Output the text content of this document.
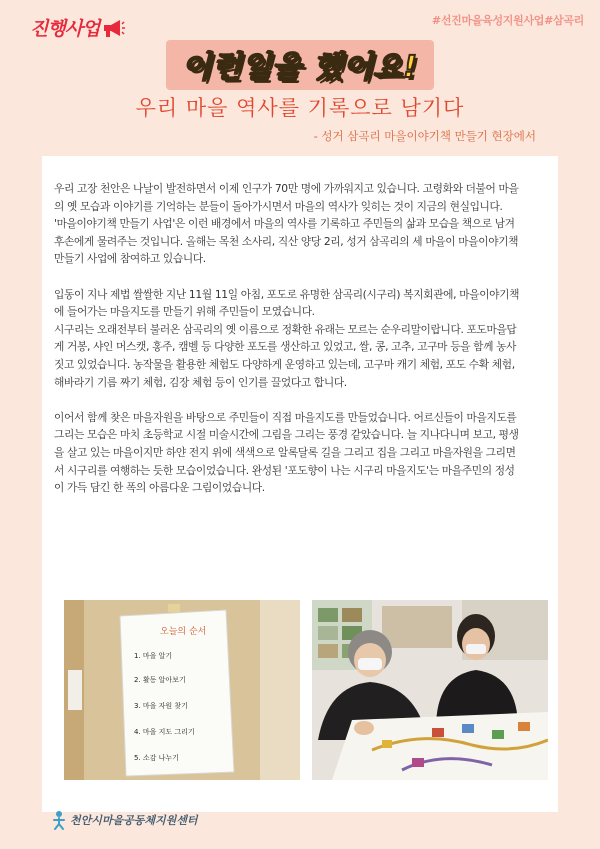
진행사업	#선진마을육성지원사업#삼곡리
이런일을 했어요!
우리 마을 역사를 기록으로 남기다
- 성거 삼곡리 마을이야기책 만들기 현장에서

우리 고장 천안은 나날이 발전하면서 이제 인구가 70만 명에 가까워지고 있습니다. 고령화와 더불어 마을

의 옛 모습과 이야기를 기억하는 분들이 돌아가시면서 마을의 역사가 잊히는 것이 지금의 현실입니다.

'마을이야기책 만들기 사업'은 이런 배경에서 마을의 역사를 기록하고 주민들의 삶과 모습을 책으로 남겨

후손에게 물려주는 것입니다. 올해는 목천 소사리, 직산 양당 2리, 성거 삼곡리의 세 마을이 마을이야기책

만들기 사업에 참여하고 있습니다.

입동이 지나 제법 쌀쌀한 지난 11월 11일 아침, 포도로 유명한 삼곡리(시구리) 복지회관에, 마을이야기책

에 들어가는 마을지도를 만들기 위해 주민들이 모였습니다.

시구리는 오래전부터 불러온 삼곡리의 옛 이름으로 정확한 유래는 모르는 순우리말이랍니다. 포도마을답

게 거봉, 샤인 머스캣, 홍주, 캠벨 등 다양한 포도를 생산하고 있었고, 쌀, 콩, 고추, 고구마 등을 함께 농사

짓고 있었습니다. 농작물을 활용한 체험도 다양하게 운영하고 있는데, 고구마 캐기 체험, 포도 수확 체험,

해바라기 기름 짜기 체험, 김장 체험 등이 인기를 끌었다고 합니다.

이어서 함께 찾은 마을자원을 바탕으로 주민들이 직접 마을지도를 만들었습니다. 어르신들이 마을지도를

그리는 모습은 마치 초등학교 시절 미술시간에 그림을 그리는 풍경 같았습니다. 늘 지나다니며 보고, 평생

을 살고 있는 마을이지만 하얀 전지 위에 색색으로 알록달록 길을 그리고 집을 그리고 마을자원을 그리면

서 시구리를 여행하는 듯한 모습이었습니다. 완성된 '포도향이 나는 시구리 마을지도'는 마을주민의 정성

이 가득 담긴 한 폭의 아름다운 그림이었습니다.

오늘의 순서
1. 마을 알기
2. 활동 알아보기
3. 마을 자원 찾기
4. 마을 지도 그리기
5. 소감 나누기
천안시마을공동체지원센터
